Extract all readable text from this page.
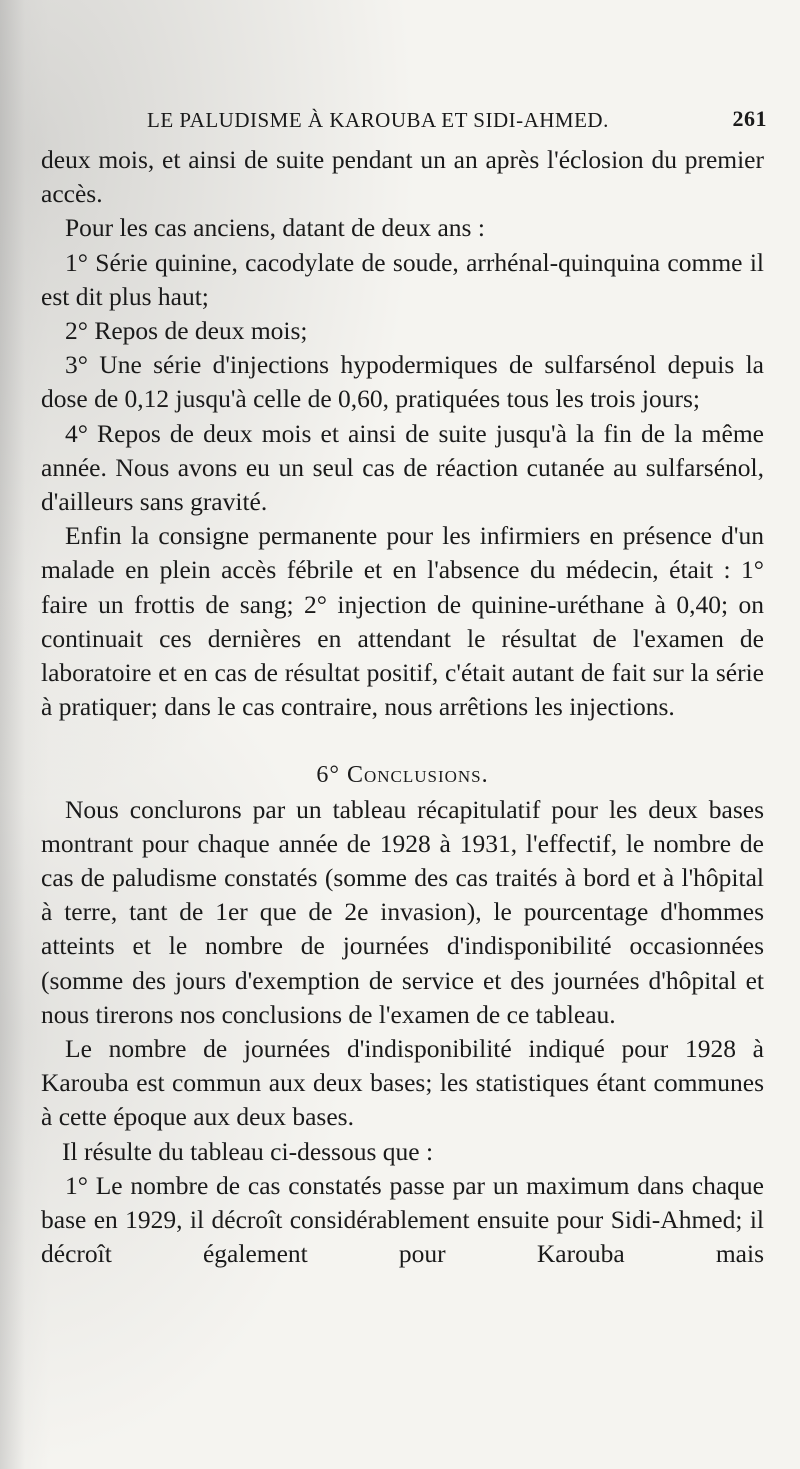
LE PALUDISME À KAROUBA ET SIDI-AHMED.	261

deux mois, et ainsi de suite pendant un an après l'éclosion du premier accès.

Pour les cas anciens, datant de deux ans :

1° Série quinine, cacodylate de soude, arrhénal-quinquina comme il est dit plus haut;

2° Repos de deux mois;

3° Une série d'injections hypodermiques de sulfarsénol depuis la dose de 0,12 jusqu'à celle de 0,60, pratiquées tous les trois jours;

4° Repos de deux mois et ainsi de suite jusqu'à la fin de la même année. Nous avons eu un seul cas de réaction cutanée au sulfarsénol, d'ailleurs sans gravité.

Enfin la consigne permanente pour les infirmiers en présence d'un malade en plein accès fébrile et en l'absence du médecin, était : 1° faire un frottis de sang; 2° injection de quinine-uréthane à 0,40; on continuait ces dernières en attendant le résultat de l'examen de laboratoire et en cas de résultat positif, c'était autant de fait sur la série à pratiquer; dans le cas contraire, nous arrêtions les injections.

6° Conclusions.

Nous conclurons par un tableau récapitulatif pour les deux bases montrant pour chaque année de 1928 à 1931, l'effectif, le nombre de cas de paludisme constatés (somme des cas traités à bord et à l'hôpital à terre, tant de 1er que de 2e invasion), le pourcentage d'hommes atteints et le nombre de journées d'indisponibilité occasionnées (somme des jours d'exemption de service et des journées d'hôpital et nous tirerons nos conclusions de l'examen de ce tableau.

Le nombre de journées d'indisponibilité indiqué pour 1928 à Karouba est commun aux deux bases; les statistiques étant communes à cette époque aux deux bases.

Il résulte du tableau ci-dessous que :

1° Le nombre de cas constatés passe par un maximum dans chaque base en 1929, il décroît considérablement ensuite pour Sidi-Ahmed; il décroît également pour Karouba mais
